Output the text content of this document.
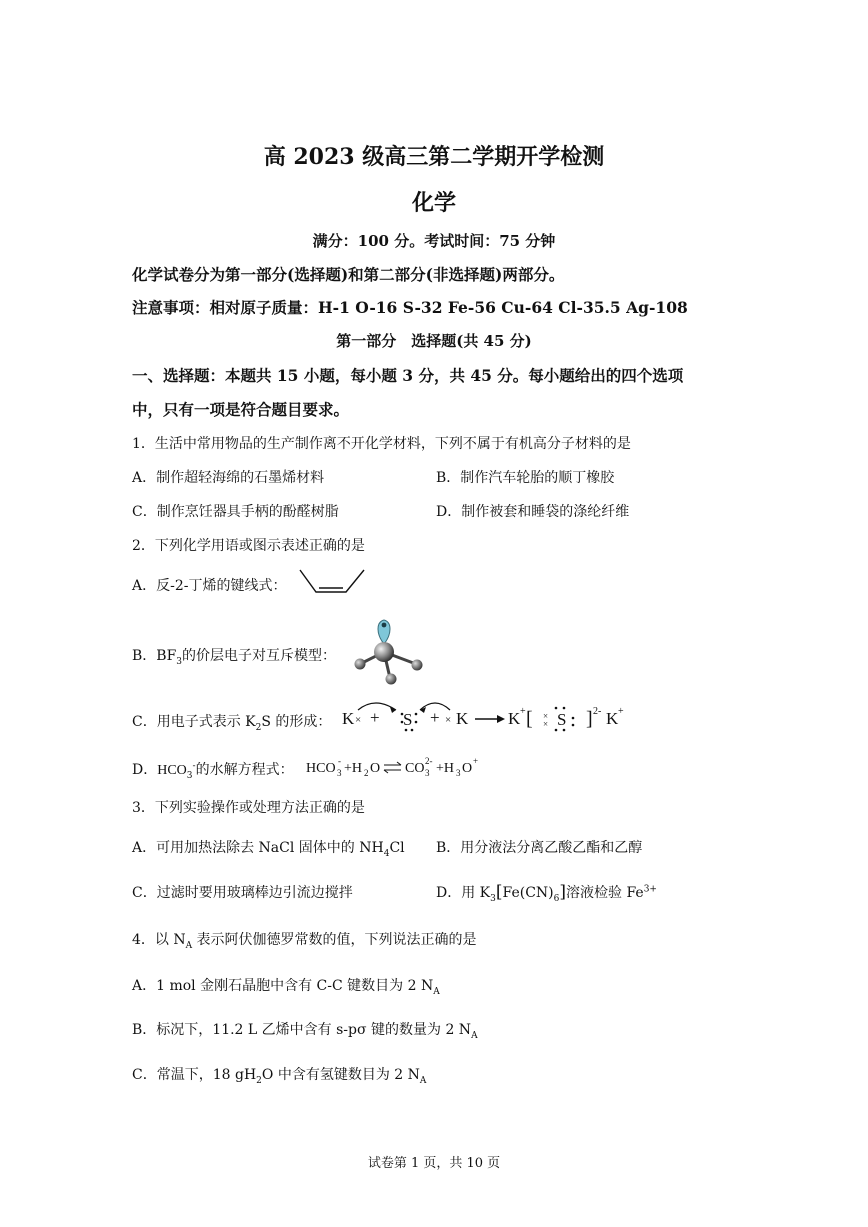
高 2023 级高三第二学期开学检测
化学
满分：100 分。考试时间：75 分钟
化学试卷分为第一部分(选择题)和第二部分(非选择题)两部分。
注意事项：相对原子质量：H-1 O-16 S-32 Fe-56 Cu-64 Cl-35.5 Ag-108
第一部分　选择题(共 45 分)
一、选择题：本题共 15 小题，每小题 3 分，共 45 分。每小题给出的四个选项
中，只有一项是符合题目要求。
1．生活中常用物品的生产制作离不开化学材料，下列不属于有机高分子材料的是
A．制作超轻海绵的石墨烯材料	B．制作汽车轮胎的顺丁橡胶
C．制作烹饪器具手柄的酚醛树脂	D．制作被套和睡袋的涤纶纤维
2．下列化学用语或图示表述正确的是
A．反-2-丁烯的键线式：
B．$BF_3$的价层电子对互斥模型：
C．用电子式表示 $K_2S$ 的形成： K × + S + × K K + [ S ] 2- K +
×
×
D．$HCO_3^-$的水解方程式： HCO 3
- +H 2 O CO 3
2- +H 3 O +
3．下列实验操作或处理方法正确的是
A．可用加热法除去 NaCl 固体中的 $NH_4Cl$ B．用分液法分离乙酸乙酯和乙醇
C．过滤时要用玻璃棒边引流边搅拌	D．用 $K_3[Fe(CN)_6]$溶液检验 $Fe^{3+}$
4．以 $N_A$ 表示阿伏伽德罗常数的值，下列说法正确的是
A．1 mol 金刚石晶胞中含有 C-C 键数目为 2 $N_A$
B．标况下，11.2 L 乙烯中含有 s-pσ 键的数量为 2 $N_A$
C．常温下，18 $gH_2O$ 中含有氢键数目为 2 $N_A$
试卷第 1 页，共 10 页
